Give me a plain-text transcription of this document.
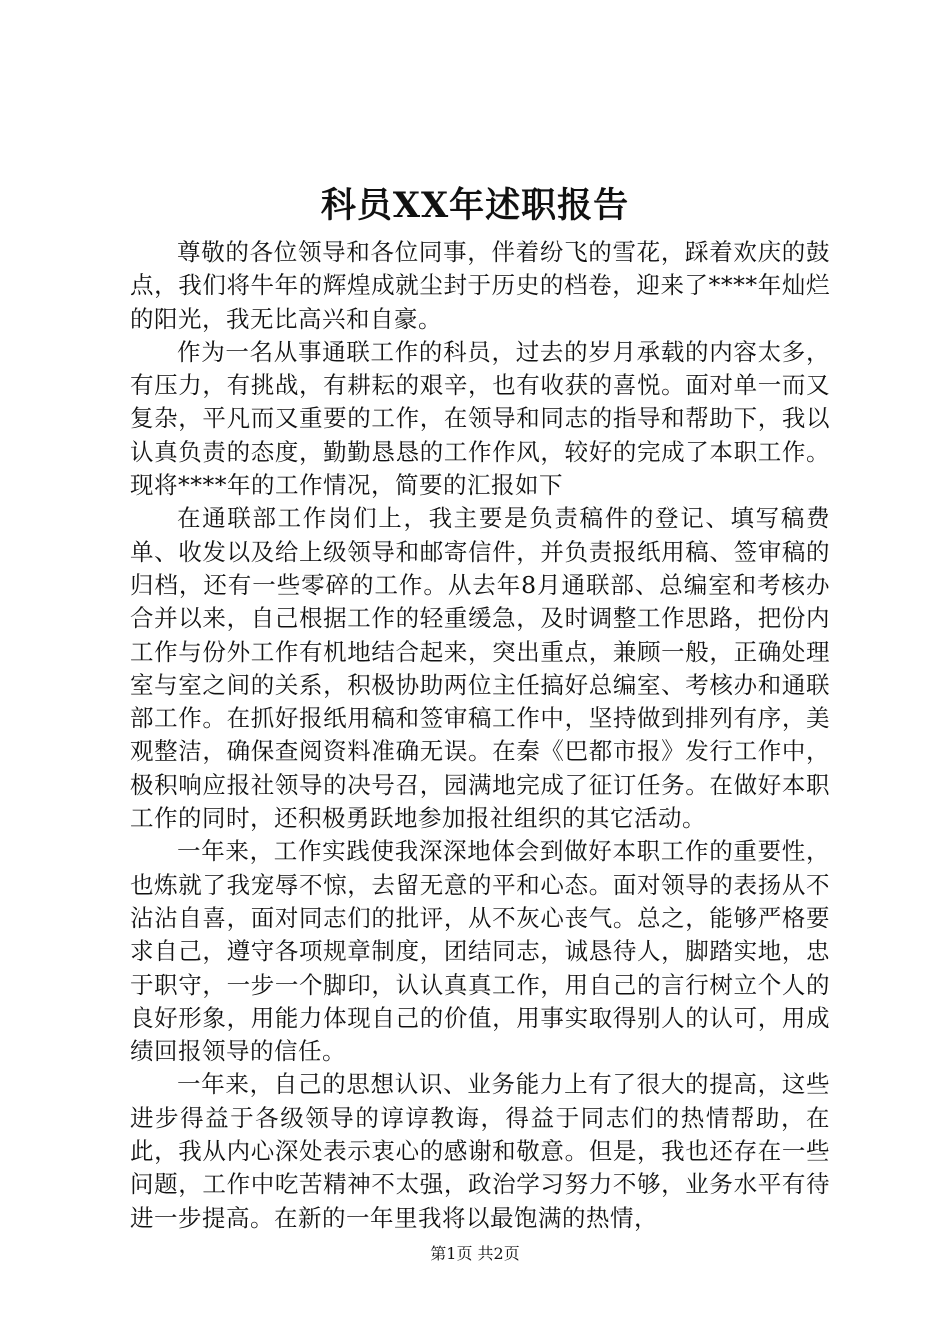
科员XX年述职报告

尊敬的各位领导和各位同事，伴着纷飞的雪花，踩着欢庆的鼓点，我们将牛年的辉煌成就尘封于历史的档卷，迎来了****年灿烂的阳光，我无比高兴和自豪。

作为一名从事通联工作的科员，过去的岁月承载的内容太多，有压力，有挑战，有耕耘的艰辛，也有收获的喜悦。面对单一而又复杂，平凡而又重要的工作，在领导和同志的指导和帮助下，我以认真负责的态度，勤勤恳恳的工作作风，较好的完成了本职工作。现将****年的工作情况，简要的汇报如下

在通联部工作岗们上，我主要是负责稿件的登记、填写稿费单、收发以及给上级领导和邮寄信件，并负责报纸用稿、签审稿的归档，还有一些零碎的工作。从去年8月通联部、总编室和考核办合并以来，自己根据工作的轻重缓急，及时调整工作思路，把份内工作与份外工作有机地结合起来，突出重点，兼顾一般，正确处理室与室之间的关系，积极协助两位主任搞好总编室、考核办和通联部工作。在抓好报纸用稿和签审稿工作中，坚持做到排列有序，美观整洁，确保查阅资料准确无误。在秦《巴都市报》发行工作中，极积响应报社领导的决号召，园满地完成了征订任务。在做好本职工作的同时，还积极勇跃地参加报社组织的其它活动。

一年来，工作实践使我深深地体会到做好本职工作的重要性，也炼就了我宠辱不惊，去留无意的平和心态。面对领导的表扬从不沾沾自喜，面对同志们的批评，从不灰心丧气。总之，能够严格要求自己，遵守各项规章制度，团结同志，诚恳待人，脚踏实地，忠于职守，一步一个脚印，认认真真工作，用自己的言行树立个人的良好形象，用能力体现自己的价值，用事实取得别人的认可，用成绩回报领导的信任。

一年来，自己的思想认识、业务能力上有了很大的提高，这些进步得益于各级领导的谆谆教诲，得益于同志们的热情帮助，在此，我从内心深处表示衷心的感谢和敬意。但是，我也还存在一些问题，工作中吃苦精神不太强，政治学习努力不够，业务水平有待进一步提高。在新的一年里我将以最饱满的热情，

第1页 共2页
